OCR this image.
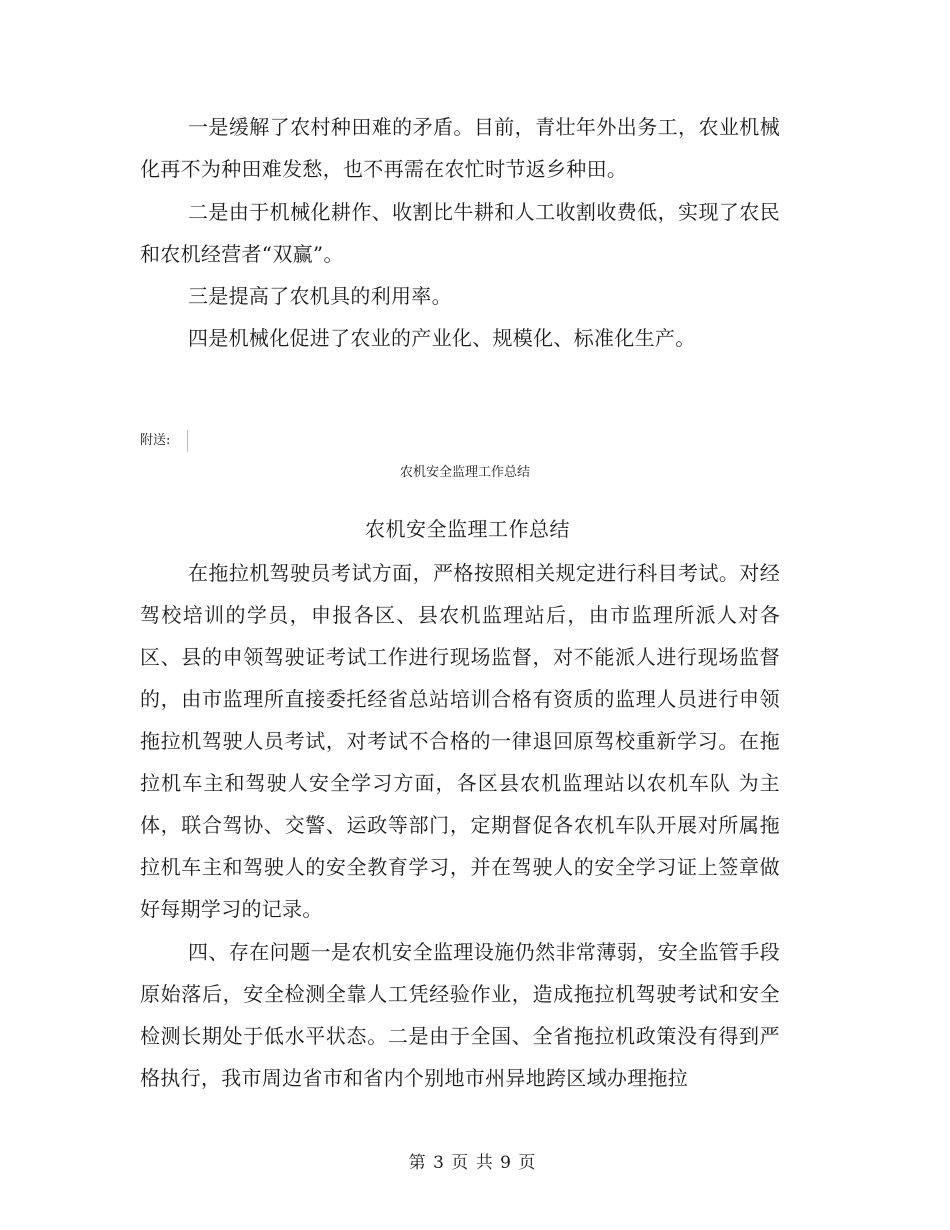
一是缓解了农村种田难的矛盾。目前，青壮年外出务工，农业机械化再不为种田难发愁，也不再需在农忙时节返乡种田。

二是由于机械化耕作、收割比牛耕和人工收割收费低，实现了农民和农机经营者“双赢”。

三是提高了农机具的利用率。

四是机械化促进了农业的产业化、规模化、标准化生产。

附送:
农机安全监理工作总结
农机安全监理工作总结

在拖拉机驾驶员考试方面，严格按照相关规定进行科目考试。对经驾校培训的学员，申报各区、县农机监理站后，由市监理所派人对各区、县的申领驾驶证考试工作进行现场监督，对不能派人进行现场监督的，由市监理所直接委托经省总站培训合格有资质的监理人员进行申领拖拉机驾驶人员考试，对考试不合格的一律退回原驾校重新学习。在拖拉机车主和驾驶人安全学习方面，各区县农机监理站以农机车队 为主体，联合驾协、交警、运政等部门，定期督促各农机车队开展对所属拖拉机车主和驾驶人的安全教育学习，并在驾驶人的安全学习证上签章做好每期学习的记录。

四、存在问题一是农机安全监理设施仍然非常薄弱，安全监管手段原始落后，安全检测全靠人工凭经验作业，造成拖拉机驾驶考试和安全检测长期处于低水平状态。二是由于全国、全省拖拉机政策没有得到严格执行，我市周边省市和省内个别地市州异地跨区域办理拖拉

第 3 页 共 9 页
